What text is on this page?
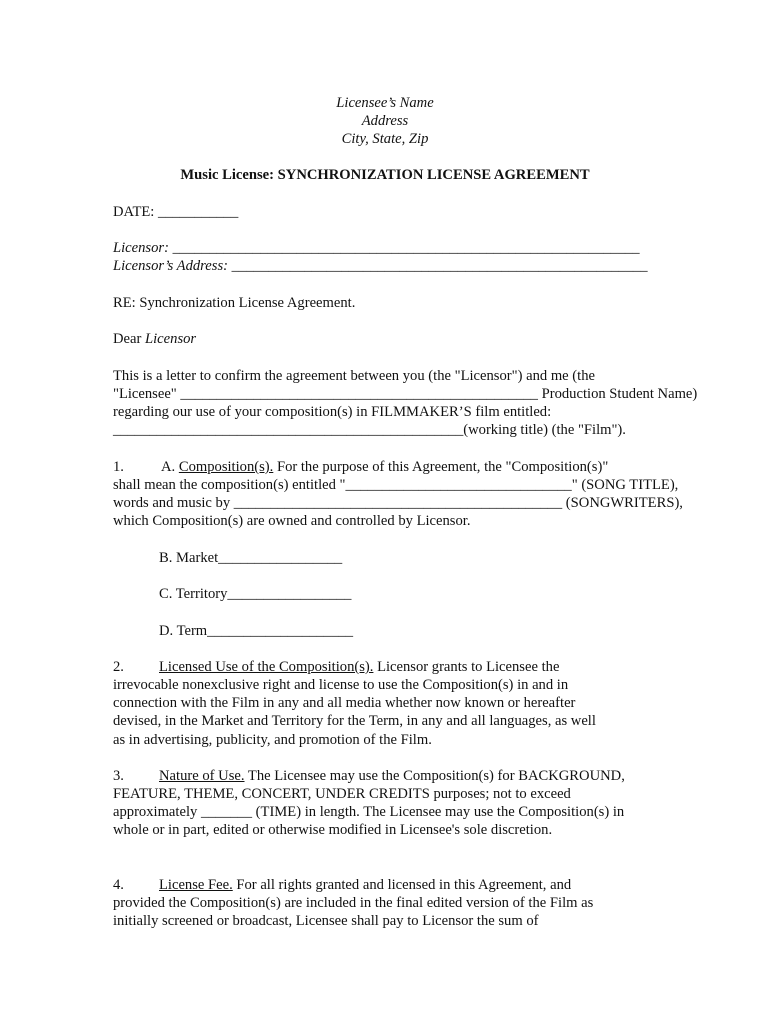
Licensee’s Name
Address
City, State, Zip
Music License: SYNCHRONIZATION LICENSE AGREEMENT
DATE: ___________
Licensor: ________________________________________________________________
Licensor’s Address: _________________________________________________________
RE: Synchronization License Agreement.
Dear Licensor
This is a letter to confirm the agreement between you (the "Licensor") and me (the
"Licensee" _________________________________________________ Production Student Name)
regarding our use of your composition(s) in FILMMAKER’S film entitled:
________________________________________________(working title) (the "Film").
1.	A. Composition(s). For the purpose of this Agreement, the "Composition(s)"
shall mean the composition(s) entitled "_______________________________" (SONG TITLE),
words and music by _____________________________________________ (SONGWRITERS),
which Composition(s) are owned and controlled by Licensor.
B. Market_________________
C. Territory_________________
D. Term____________________
2. Licensed Use of the Composition(s). Licensor grants to Licensee the
irrevocable nonexclusive right and license to use the Composition(s) in and in
connection with the Film in any and all media whether now known or hereafter
devised, in the Market and Territory for the Term, in any and all languages, as well
as in advertising, publicity, and promotion of the Film.
3. Nature of Use. The Licensee may use the Composition(s) for BACKGROUND,
FEATURE, THEME, CONCERT, UNDER CREDITS purposes; not to exceed
approximately _______ (TIME) in length. The Licensee may use the Composition(s) in
whole or in part, edited or otherwise modified in Licensee's sole discretion.
4. License Fee. For all rights granted and licensed in this Agreement, and
provided the Composition(s) are included in the final edited version of the Film as
initially screened or broadcast, Licensee shall pay to Licensor the sum of
